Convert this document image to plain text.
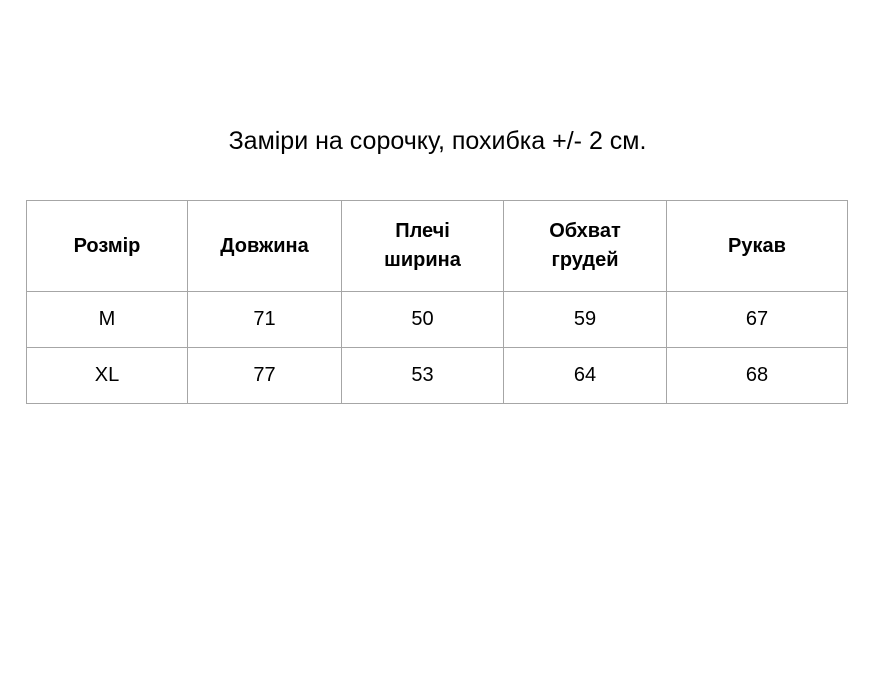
Заміри на сорочку, похибка +/- 2 см.
Розмір	Довжина	Плечі ширина	Обхват грудей	Рукав
M	71	50	59	67
XL	77	53	64	68
